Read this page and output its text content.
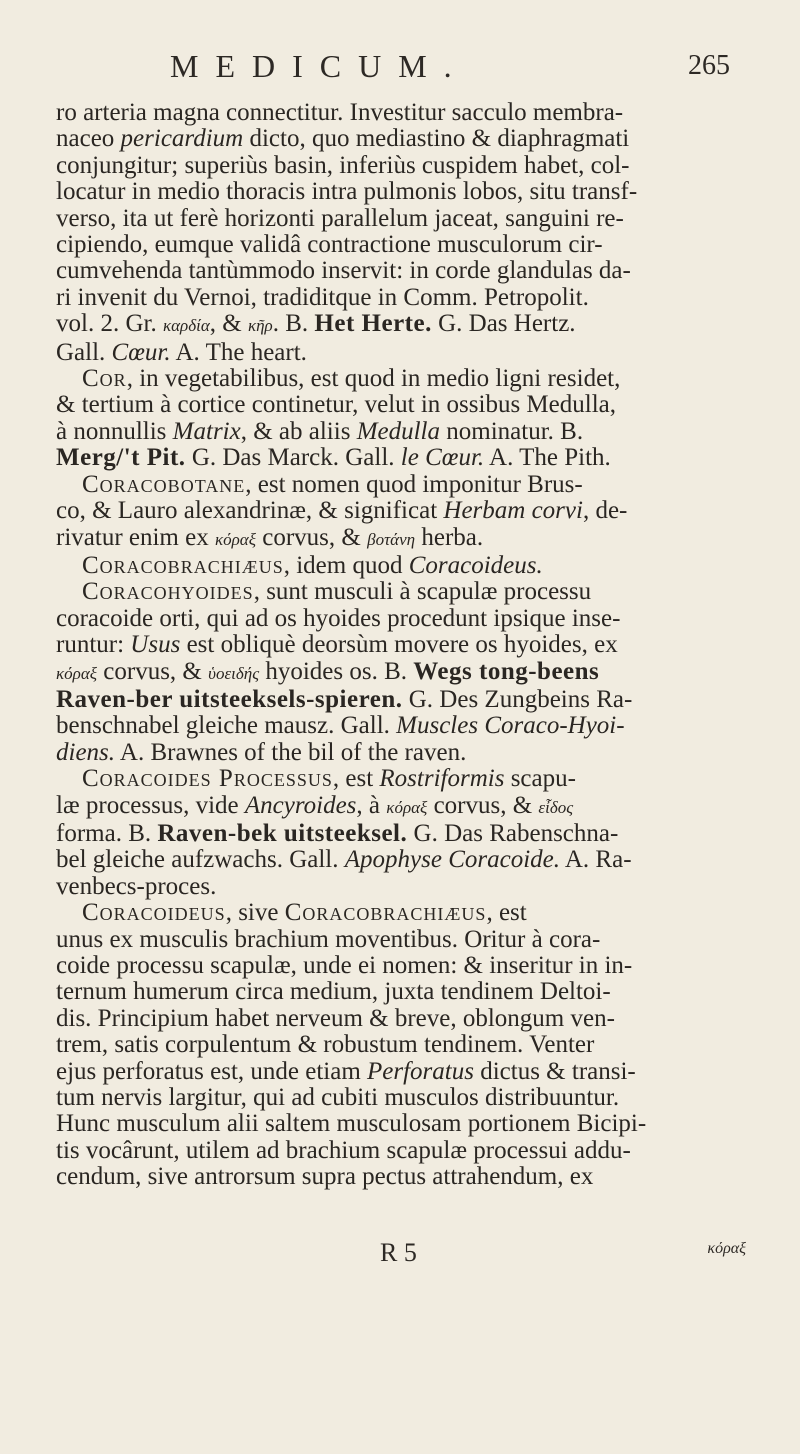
MEDICUM.	265
ro arteria magna connectitur. Investitur sacculo membra-
naceo pericardium dicto, quo mediastino & diaphragmati
conjungitur; superiùs basin, inferiùs cuspidem habet, col-
locatur in medio thoracis intra pulmonis lobos, situ transf-
verso, ita ut ferè horizonti parallelum jaceat, sanguini re-
cipiendo, eumque validâ contractione musculorum cir-
cumvehenda tantùmmodo inservit: in corde glandulas da-
ri invenit du Vernoi, tradiditque in Comm. Petropolit.
vol. 2. Gr. καρδία, & κῆρ. B. Het Herte. G. Das Hertz.
Gall. Cœur. A. The heart.
Cor, in vegetabilibus, est quod in medio ligni residet,
& tertium à cortice continetur, velut in ossibus Medulla,
à nonnullis Matrix, & ab aliis Medulla nominatur. B.
Merg/'t Pit. G. Das Marck. Gall. le Cœur. A. The Pith.
Coracobotane, est nomen quod imponitur Brus-
co, & Lauro alexandrinæ, & significat Herbam corvi, de-
rivatur enim ex κόραξ corvus, & βοτάνη herba.
Coracobrachiæus, idem quod Coracoideus.
Coracohyoides, sunt musculi à scapulæ processu
coracoide orti, qui ad os hyoides procedunt ipsique inse-
runtur: Usus est obliquè deorsùm movere os hyoides, ex
κόραξ corvus, & ὑοειδής hyoides os. B. Wegs tong-beens
Raven-ber uitsteeksels-spieren. G. Des Zungbeins Ra-
benschnabel gleiche mausz. Gall. Muscles Coraco-Hyoi-
diens. A. Brawnes of the bil of the raven.
Coracoides Processus, est Rostriformis scapu-
læ processus, vide Ancyroides, à κόραξ corvus, & εἶδος
forma. B. Raven-bek uitsteeksel. G. Das Rabenschna-
bel gleiche aufzwachs. Gall. Apophyse Coracoide. A. Ra-
venbecs-proces.
Coracoideus, sive Coracobrachiæus, est
unus ex musculis brachium moventibus. Oritur à cora-
coide processu scapulæ, unde ei nomen: & inseritur in in-
ternum humerum circa medium, juxta tendinem Deltoi-
dis. Principium habet nerveum & breve, oblongum ven-
trem, satis corpulentum & robustum tendinem. Venter
ejus perforatus est, unde etiam Perforatus dictus & transi-
tum nervis largitur, qui ad cubiti musculos distribuuntur.
Hunc musculum alii saltem musculosam portionem Bicipi-
tis vocârunt, utilem ad brachium scapulæ processui addu-
cendum, sive antrorsum supra pectus attrahendum, ex
R 5	κόραξ
